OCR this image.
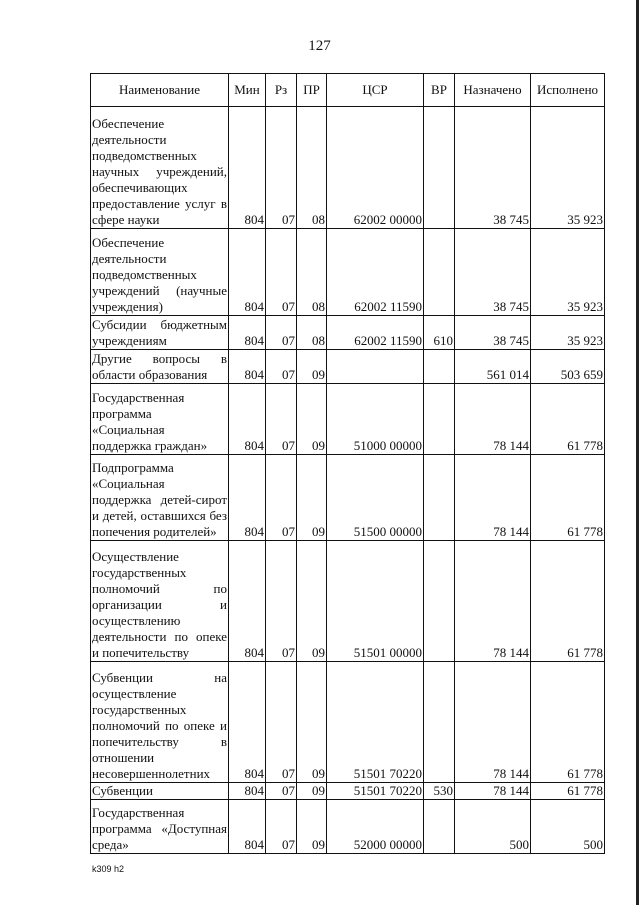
127
Наименование	Мин	Рз	ПР	ЦСР	ВР	Назначено	Исполнено
Обеспечение деятельности подведомственных научных учреждений, обеспечивающих предоставление услуг в сфере науки	804	07	08	62002 00000		38 745	35 923
Обеспечение деятельности подведомственных учреждений (научные учреждения)	804	07	08	62002 11590		38 745	35 923
Субсидии бюджетным учреждениям	804	07	08	62002 11590	610	38 745	35 923
Другие вопросы в области образования	804	07	09			561 014	503 659
Государственная программа «Социальная поддержка граждан»	804	07	09	51000 00000		78 144	61 778
Подпрограмма «Социальная поддержка детей-сирот и детей, оставшихся без попечения родителей»	804	07	09	51500 00000		78 144	61 778
Осуществление государственных полномочий по организации и осуществлению деятельности по опеке и попечительству	804	07	09	51501 00000		78 144	61 778
Субвенции на осуществление государственных полномочий по опеке и попечительству в отношении несовершеннолетних	804	07	09	51501 70220		78 144	61 778
Субвенции	804	07	09	51501 70220	530	78 144	61 778
Государственная программа «Доступная среда»	804	07	09	52000 00000		500	500
k309 h2
